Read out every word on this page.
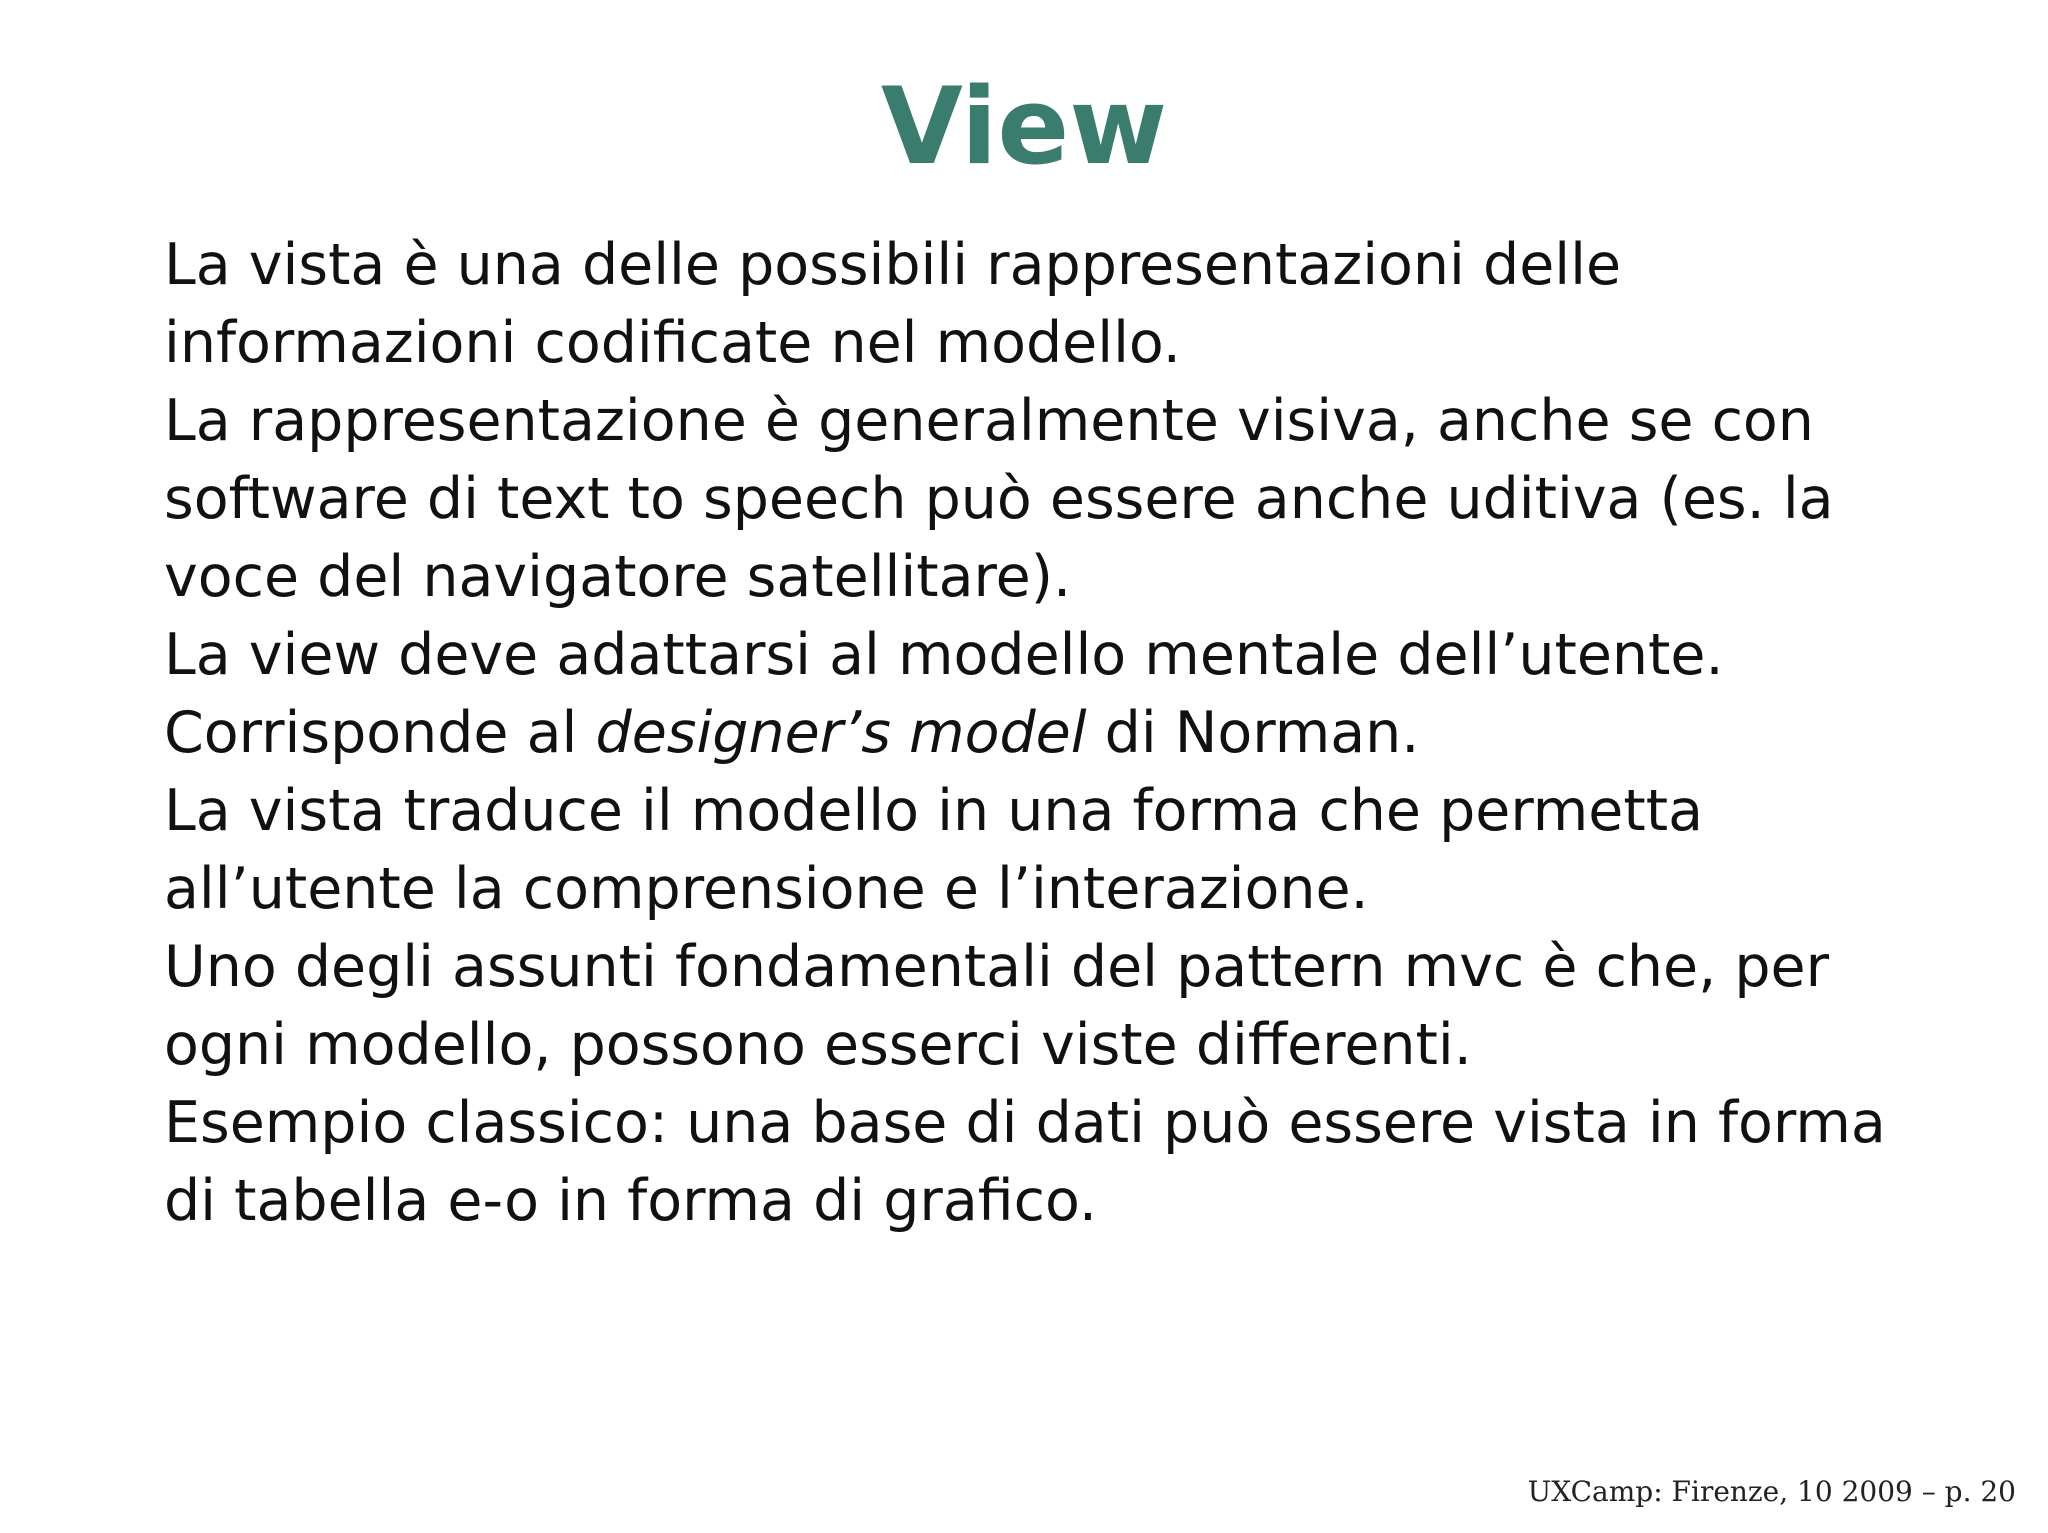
View
La vista è una delle possibili rappresentazioni delle
informazioni codificate nel modello.
La rappresentazione è generalmente visiva, anche se con
software di text to speech può essere anche uditiva (es. la
voce del navigatore satellitare).
La view deve adattarsi al modello mentale dell’utente.
Corrisponde al designer’s model di Norman.
La vista traduce il modello in una forma che permetta
all’utente la comprensione e l’interazione.
Uno degli assunti fondamentali del pattern mvc è che, per
ogni modello, possono esserci viste differenti.
Esempio classico: una base di dati può essere vista in forma
di tabella e-o in forma di grafico.
UXCamp: Firenze, 10 2009 – p. 20
